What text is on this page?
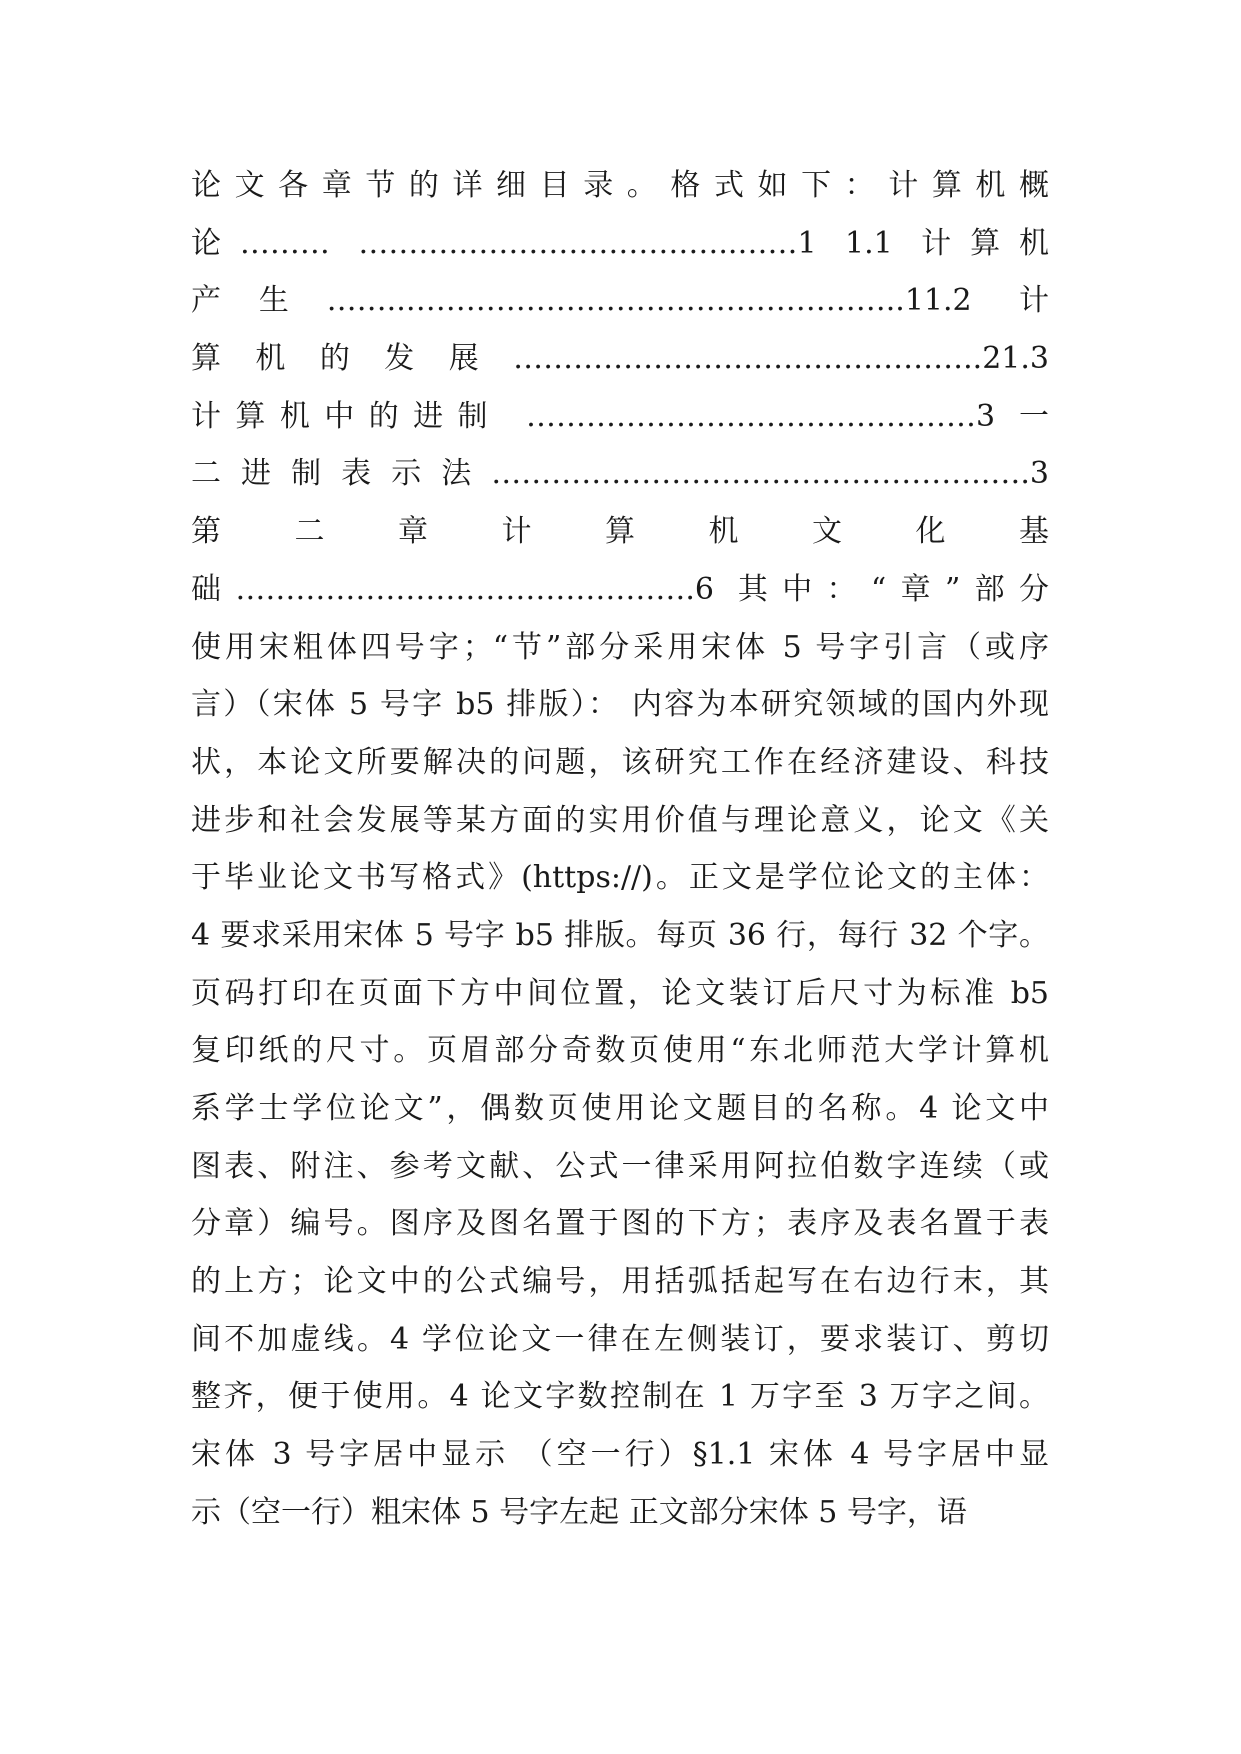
论 文 各 章 节 的 详 细 目 录 。 格 式 如 下 ： 计 算 机 概
论……… ………………………………..……1 1.1 计算机
产生……..…………………………………………..11.2 计
算机的发展………………………………………..21.3
计算机中的进制 ………………………………………3 一
二进制表示法…………………………………………..….3
第 二 章 计 算 机 文 化 基
础……………………………………….6 其中：“章”部分
使用宋粗体四号字；“节”部分采用宋体 5 号字引言（或序
言）（宋体 5 号字 b5 排版）： 内容为本研究领域的国内外现
状，本论文所要解决的问题，该研究工作在经济建设、科技
进步和社会发展等某方面的实用价值与理论意义，论文《关
于毕业论文书写格式》(https://)。正文是学位论文的主体：
4 要求采用宋体 5 号字 b5 排版。每页 36 行，每行 32 个字。
页码打印在页面下方中间位置，论文装订后尺寸为标准 b5
复印纸的尺寸。页眉部分奇数页使用“东北师范大学计算机
系学士学位论文”，偶数页使用论文题目的名称。4 论文中
图表、附注、参考文献、公式一律采用阿拉伯数字连续（或
分章）编号。图序及图名置于图的下方；表序及表名置于表
的上方；论文中的公式编号，用括弧括起写在右边行末，其
间不加虚线。4 学位论文一律在左侧装订，要求装订、剪切
整齐，便于使用。4 论文字数控制在 1 万字至 3 万字之间。
宋体 3 号字居中显示 （空一行）§1.1 宋体 4 号字居中显
示（空一行）粗宋体 5 号字左起 正文部分宋体 5 号字，语
